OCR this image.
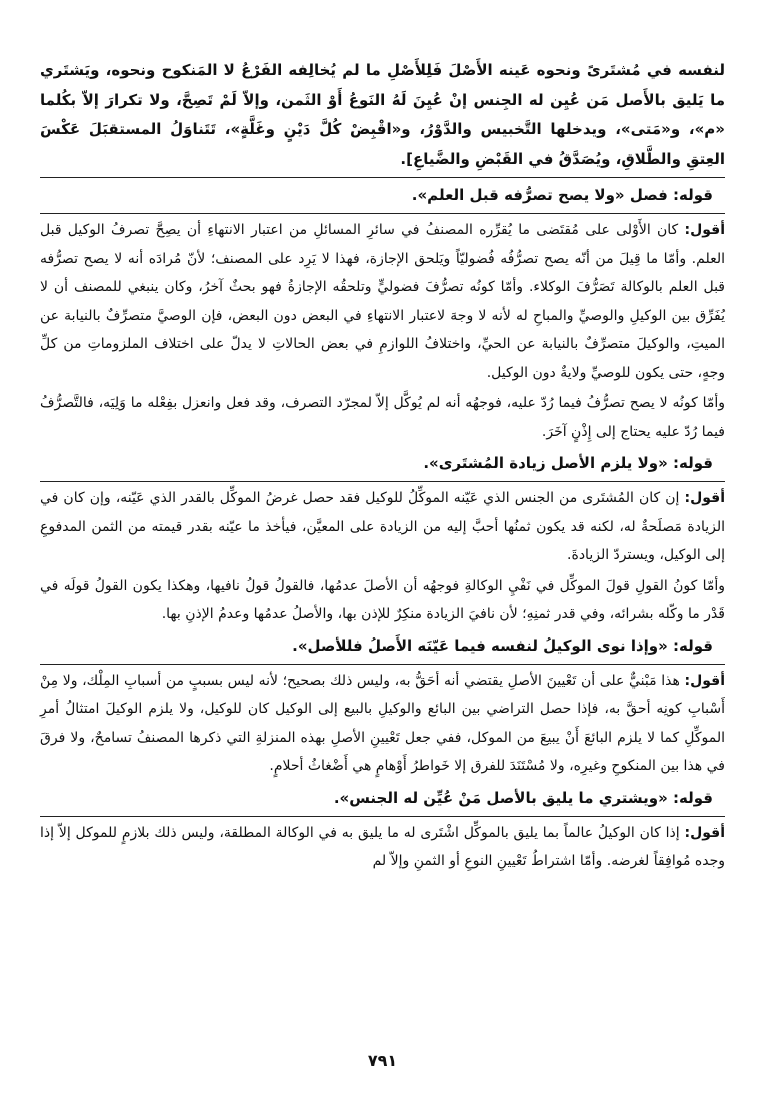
لنفسه في مُشتَرىً ونحوه عَينه الأَصْلَ فَلِلأَصْلِ ما لم يُخالِفه الفَرْعُ لا المَنكوح ونحوه، ويَشتَري ما يَليق بالأَصل مَن عُيِن له الجِنس إنْ عُيِنَ لَهُ النَوعُ أَوْ الثَمن، وإلاّ لَمْ تَصِحَّ، ولا تكرارَ إلاّ بكُلما «م»، و«مَتى»، ويدخلها التَّخبيس والدَّوْرُ، و«اقْبِضْ كُلَّ دَيْنٍ وغَلَّةٍ»، تَتَناوَلُ المستقبَلَ عَكْسَ العِتقِ والطَّلاقِ، ويُصَدَّقُ في القَبْضِ والضَّياعِ].

قوله: فصل «ولا يصح تصرُّفه قبل العلم».

أقول: كان الأَوْلى على مُقتَضى ما يُقرِّره المصنفُ في سائرِ المسائلِ من اعتبار الانتهاءِ أن يصِحَّ تصرفُ الوكيل قبل العلم. وأمّا ما قِيلَ من أنّه يصح تصرُّفُه فُضوليّاً ويَلحق الإجازة، فهذا لا يَرِد على المصنف؛ لأنّ مُرادَه أنه لا يصح تصرُّفه قبل العلم بالوكالة تَصَرُّفَ الوكلاء. وأمّا كونُه تصرُّفَ فضوليٍّ وتلحقُه الإجازةُ فهو بحثٌ آخرُ، وكان ينبغي للمصنف أن لا يُفَرِّق بين الوكيلِ والوصيِّ والمباحِ له لأنه لا وجهَ لاعتبار الانتهاءِ في البعض دون البعض، فإن الوصيَّ متصرِّفٌ بالنيابة عن الميتِ، والوكيلَ متصرِّفٌ بالنيابة عن الحيِّ، واختلافُ اللوازمِ في بعض الحالاتِ لا يدلّ على اختلاف الملزوماتِ من كلِّ وجهٍ، حتى يكون للوصيِّ ولايةٌ دون الوكيل.

وأمّا كونُه لا يصح تصرُّفُ فيما رُدّ عليه، فوجهُه أنه لم يُوكَّل إلاّ لمجرّد التصرف، وقد فعل وانعزل بفِعْله ما وَلِيَه، فالتَّصرُّفُ فيما رُدّ عليه يحتاج إلى إِذْنٍ آخَرَ.

قوله: «ولا يلزم الأصل زيادة المُشتَرى».

أقول: إن كان المُشتَرى من الجنس الذي عَيّنه الموكِّلُ للوكيل فقد حصل غرضُ الموكِّل بالقدر الذي عَيّنه، وإن كان في الزيادة مَصلَحةٌ له، لكنه قد يكون ثمنُها أحبَّ إليه من الزيادة على المعيَّن، فيأخذ ما عيّنه بقدر قيمته من الثمن المدفوعِ إلى الوكيل، ويستردّ الزيادةَ.

وأمّا كونُ القولِ قولَ الموكِّل في نَفْيِ الوكالةِ فوجهُه أن الأصلَ عدمُها، فالقولُ قولُ نافيها، وهكذا يكون القولُ قولَه في قَدْر ما وكّله بشرائه، وفي قدر ثمنِهِ؛ لأن نافيَ الزيادة منكِرٌ للإذن بها، والأصلُ عدمُها وعدمُ الإذنِ بها.

قوله: «وإذا نوى الوكيلُ لنفسه فيما عَيّنَه الأَصلُ فللأصل».

أقول: هذا مَبْنيٌّ على أن تَعْيينَ الأصلِ يقتضي أنه أحَقُّ به، وليس ذلك بصحيح؛ لأنه ليس بسببٍ من أسبابِ المِلْك، ولا مِنْ أَسْبابِ كونِه أحقَّ به، فإذا حصل التراضي بين البائع والوكيلِ بالبيع إلى الوكيل كان للوكيل، ولا يلزم الوكيلَ امتثالُ أمرِ الموكِّلِ كما لا يلزم البائعَ أَنْ يبيعَ من الموكل، ففي جعل تَعْيينِ الأصلِ بهذه المنزلةِ التي ذكرها المصنفُ تسامحٌ، ولا فرقَ في هذا بين المنكوحِ وغيرِه، ولا مُسْتَنَدَ للفرق إلا خَواطرُ أَوْهامٍ هي أَضْغاثُ أحلامٍ.

قوله: «ويشتري ما يليق بالأصل مَنْ عُيِّن له الجنس».

أقول: إذا كان الوكيلُ عالماً بما يليق بالموكِّل اشْتَرى له ما يليق به في الوكالة المطلقة، وليس ذلك بلازمٍ للموكل إلاّ إذا وجده مُوافِقاً لغرضه. وأمّا اشتراطُ تَعْيينِ النوعِ أو الثمنِ وإلاّ لم

٧٩١
